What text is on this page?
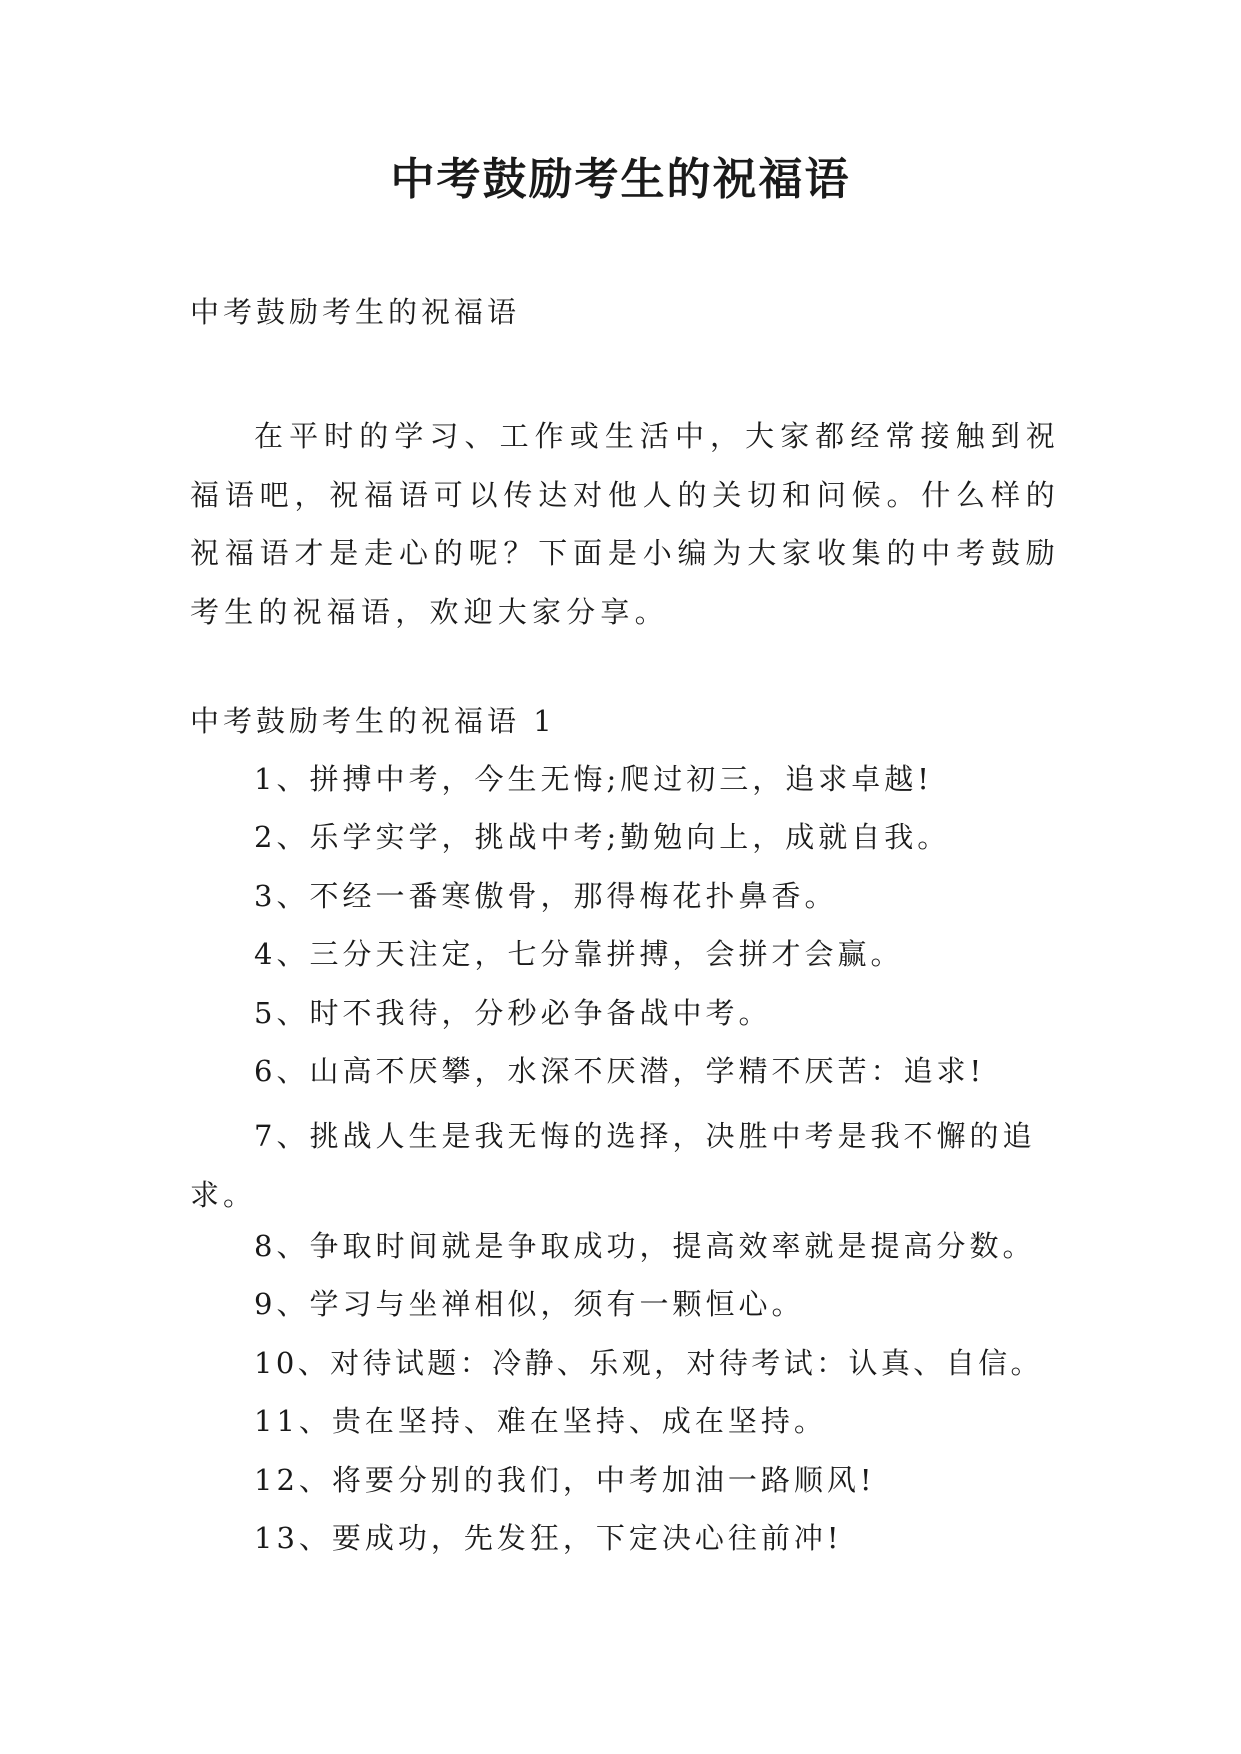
中考鼓励考生的祝福语

中考鼓励考生的祝福语

在平时的学习、工作或生活中，大家都经常接触到祝福语吧，祝福语可以传达对他人的关切和问候。什么样的祝福语才是走心的呢？下面是小编为大家收集的中考鼓励考生的祝福语，欢迎大家分享。

中考鼓励考生的祝福语 1

1、拼搏中考，今生无悔;爬过初三，追求卓越!

2、乐学实学，挑战中考;勤勉向上，成就自我。

3、不经一番寒傲骨，那得梅花扑鼻香。

4、三分天注定，七分靠拼搏，会拼才会赢。

5、时不我待，分秒必争备战中考。

6、山高不厌攀，水深不厌潜，学精不厌苦：追求!

7、挑战人生是我无悔的选择，决胜中考是我不懈的追求。

8、争取时间就是争取成功，提高效率就是提高分数。

9、学习与坐禅相似，须有一颗恒心。

10、对待试题：冷静、乐观，对待考试：认真、自信。

11、贵在坚持、难在坚持、成在坚持。

12、将要分别的我们，中考加油一路顺风!

13、要成功，先发狂，下定决心往前冲!
